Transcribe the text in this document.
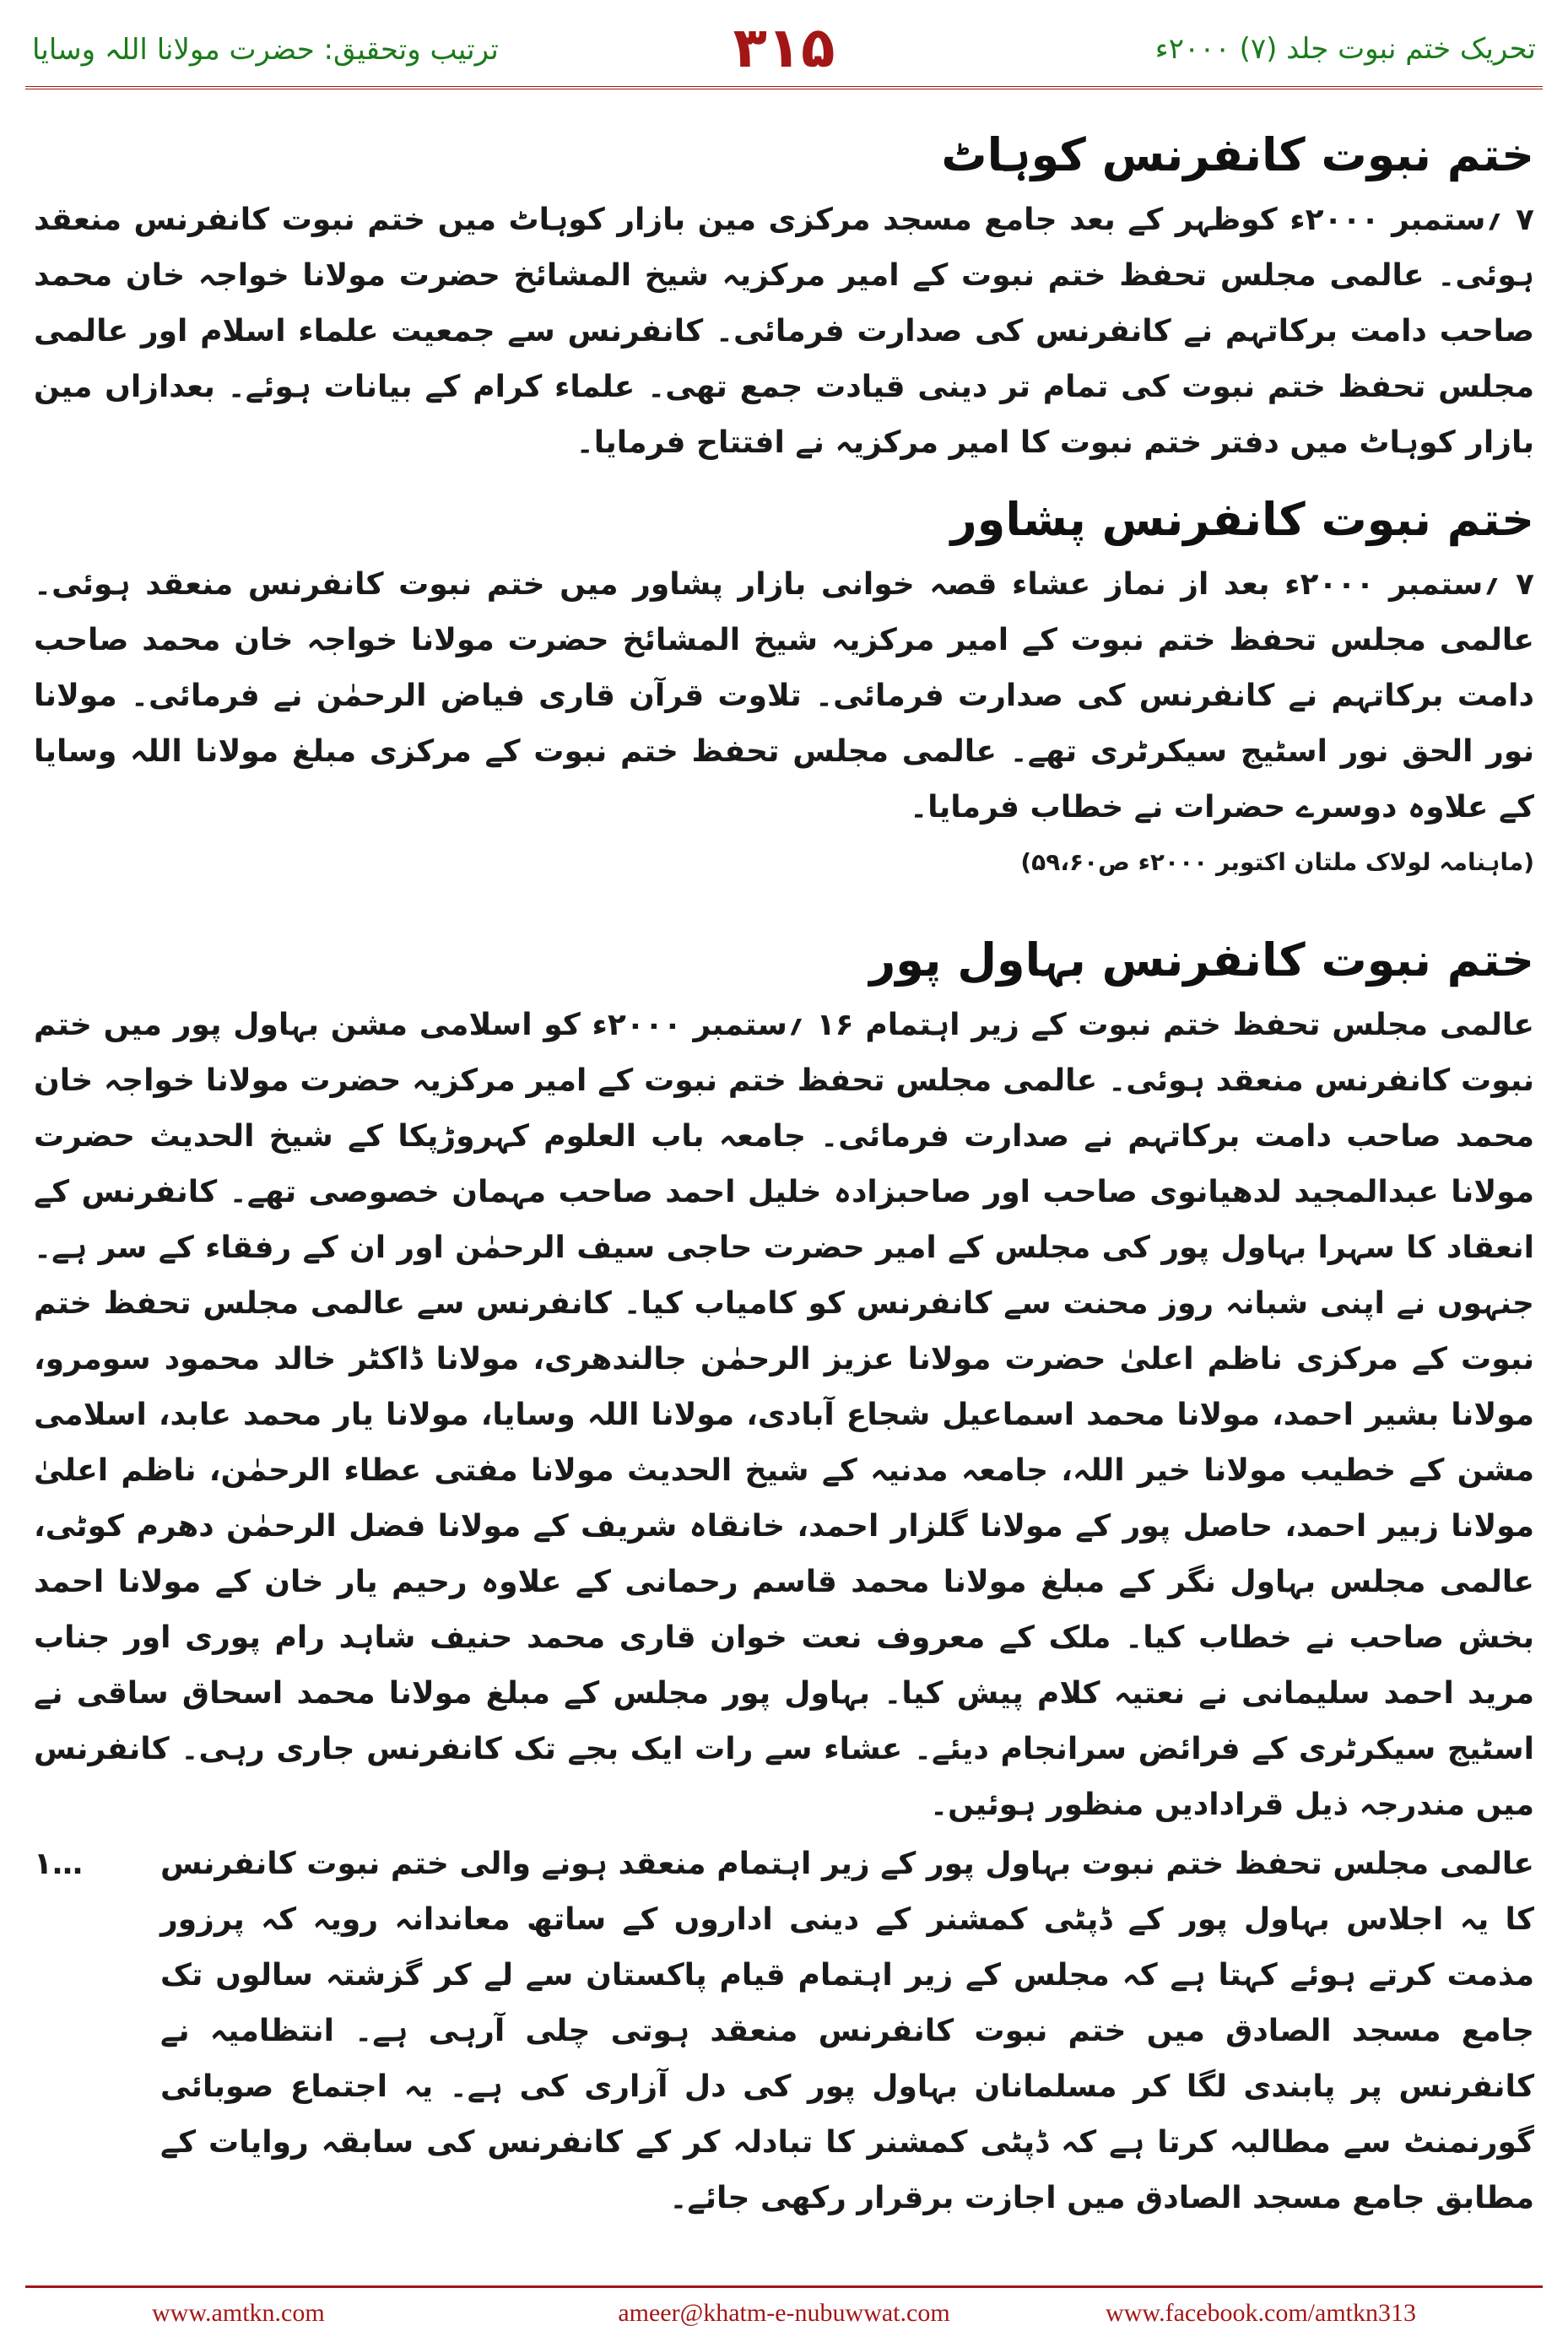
ترتیب وتحقیق: حضرت مولانا اللہ وسایا	۳۱۵	تحریک ختم نبوت جلد (۷) ۲۰۰۰ء
ختم نبوت کانفرنس کوہاٹ

۷ ؍ستمبر ۲۰۰۰ء کوظہر کے بعد جامع مسجد مرکزی مین بازار کوہاٹ میں ختم نبوت کانفرنس منعقد ہوئی۔ عالمی مجلس تحفظ ختم نبوت کے امیر مرکزیہ شیخ المشائخ حضرت مولانا خواجہ خان محمد صاحب دامت برکاتہم نے کانفرنس کی صدارت فرمائی۔ کانفرنس سے جمعیت علماء اسلام اور عالمی مجلس تحفظ ختم نبوت کی تمام تر دینی قیادت جمع تھی۔ علماء کرام کے بیانات ہوئے۔ بعدازاں مین بازار کوہاٹ میں دفتر ختم نبوت کا امیر مرکزیہ نے افتتاح فرمایا۔

ختم نبوت کانفرنس پشاور

۷ ؍ستمبر ۲۰۰۰ء بعد از نماز عشاء قصہ خوانی بازار پشاور میں ختم نبوت کانفرنس منعقد ہوئی۔ عالمی مجلس تحفظ ختم نبوت کے امیر مرکزیہ شیخ المشائخ حضرت مولانا خواجہ خان محمد صاحب دامت برکاتہم نے کانفرنس کی صدارت فرمائی۔ تلاوت قرآن قاری فیاض الرحمٰن نے فرمائی۔ مولانا نور الحق نور اسٹیج سیکرٹری تھے۔ عالمی مجلس تحفظ ختم نبوت کے مرکزی مبلغ مولانا اللہ وسایا کے علاوہ دوسرے حضرات نے خطاب فرمایا۔

(ماہنامہ لولاک ملتان اکتوبر ۲۰۰۰ء ص۵۹،۶۰)

ختم نبوت کانفرنس بہاول پور

عالمی مجلس تحفظ ختم نبوت کے زیر اہتمام ۱۶ ؍ستمبر ۲۰۰۰ء کو اسلامی مشن بہاول پور میں ختم نبوت کانفرنس منعقد ہوئی۔ عالمی مجلس تحفظ ختم نبوت کے امیر مرکزیہ حضرت مولانا خواجہ خان محمد صاحب دامت برکاتہم نے صدارت فرمائی۔ جامعہ باب العلوم کہروڑپکا کے شیخ الحدیث حضرت مولانا عبدالمجید لدھیانوی صاحب اور صاحبزادہ خلیل احمد صاحب مہمان خصوصی تھے۔ کانفرنس کے انعقاد کا سہرا بہاول پور کی مجلس کے امیر حضرت حاجی سیف الرحمٰن اور ان کے رفقاء کے سر ہے۔ جنہوں نے اپنی شبانہ روز محنت سے کانفرنس کو کامیاب کیا۔ کانفرنس سے عالمی مجلس تحفظ ختم نبوت کے مرکزی ناظم اعلیٰ حضرت مولانا عزیز الرحمٰن جالندھری، مولانا ڈاکٹر خالد محمود سومرو، مولانا بشیر احمد، مولانا محمد اسماعیل شجاع آبادی، مولانا اللہ وسایا، مولانا یار محمد عابد، اسلامی مشن کے خطیب مولانا خیر اللہ، جامعہ مدنیہ کے شیخ الحدیث مولانا مفتی عطاء الرحمٰن، ناظم اعلیٰ مولانا زبیر احمد، حاصل پور کے مولانا گلزار احمد، خانقاہ شریف کے مولانا فضل الرحمٰن دھرم کوٹی، عالمی مجلس بہاول نگر کے مبلغ مولانا محمد قاسم رحمانی کے علاوہ رحیم یار خان کے مولانا احمد بخش صاحب نے خطاب کیا۔ ملک کے معروف نعت خوان قاری محمد حنیف شاہد رام پوری اور جناب مرید احمد سلیمانی نے نعتیہ کلام پیش کیا۔ بہاول پور مجلس کے مبلغ مولانا محمد اسحاق ساقی نے اسٹیج سیکرٹری کے فرائض سرانجام دیئے۔ عشاء سے رات ایک بجے تک کانفرنس جاری رہی۔ کانفرنس میں مندرجہ ذیل قرادادیں منظور ہوئیں۔

عالمی مجلس تحفظ ختم نبوت بہاول پور کے زیر اہتمام منعقد ہونے والی ختم نبوت کانفرنس کا یہ اجلاس بہاول پور کے ڈپٹی کمشنر کے دینی اداروں کے ساتھ معاندانہ رویہ کہ پرزور مذمت کرتے ہوئے کہتا ہے کہ مجلس کے زیر اہتمام قیام پاکستان سے لے کر گزشتہ سالوں تک جامع مسجد الصادق میں ختم نبوت کانفرنس منعقد ہوتی چلی آرہی ہے۔ انتظامیہ نے کانفرنس پر پابندی لگا کر مسلمانان بہاول پور کی دل آزاری کی ہے۔ یہ اجتماع صوبائی گورنمنٹ سے مطالبہ کرتا ہے کہ ڈپٹی کمشنر کا تبادلہ کر کے کانفرنس کی سابقہ روایات کے مطابق جامع مسجد الصادق میں اجازت برقرار رکھی جائے۔

۱…
www.amtkn.com	ameer@khatm-e-nubuwwat.com	www.facebook.com/amtkn313
